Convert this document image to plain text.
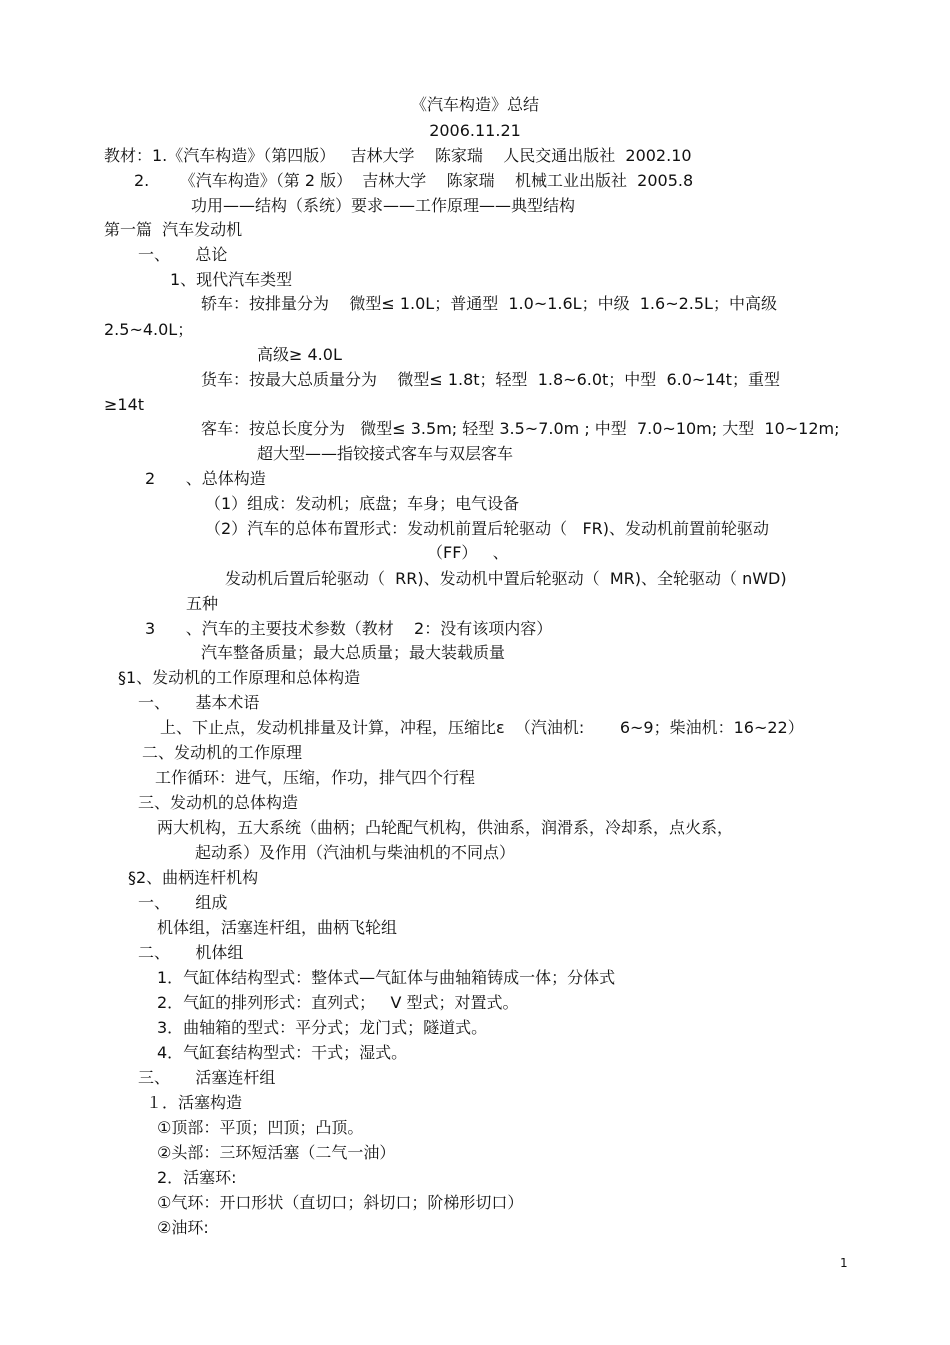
《汽车构造》总结
2006.11.21
教材：1.《汽车构造》（第四版）   吉林大学    陈家瑞    人民交通出版社  2002.10
2.      《汽车构造》（第 2 版）  吉林大学    陈家瑞    机械工业出版社  2005.8
功用——结构（系统）要求——工作原理——典型结构
第一篇  汽车发动机
一、     总论
1、现代汽车类型
轿车：按排量分为    微型≤ 1.0L；普通型  1.0~1.6L；中级  1.6~2.5L；中高级
2.5~4.0L；
高级≥ 4.0L
货车：按最大总质量分为    微型≤ 1.8t；轻型  1.8~6.0t；中型  6.0~14t；重型
≥14t
客车：按总长度分为   微型≤ 3.5m; 轻型 3.5~7.0m ; 中型  7.0~10m; 大型  10~12m;
超大型——指铰接式客车与双层客车
2      、总体构造
（1）组成：发动机；底盘；车身；电气设备
（2）汽车的总体布置形式：发动机前置后轮驱动（   FR)、发动机前置前轮驱动
（FF）   、
发动机后置后轮驱动（  RR)、发动机中置后轮驱动（  MR)、全轮驱动（ nWD)
五种
3      、汽车的主要技术参数（教材    2：没有该项内容）
汽车整备质量；最大总质量；最大装载质量
§1、发动机的工作原理和总体构造
一、     基本术语
上、下止点，发动机排量及计算，冲程，压缩比ε  （汽油机:       6~9；柴油机：16~22）
二、发动机的工作原理
工作循环：进气，压缩，作功，排气四个行程
三、发动机的总体构造
两大机构，五大系统（曲柄；凸轮配气机构，供油系，润滑系，冷却系，点火系，
起动系）及作用（汽油机与柴油机的不同点）
§2、曲柄连杆机构
一、     组成
机体组，活塞连杆组，曲柄飞轮组
二、     机体组
1．气缸体结构型式：整体式—气缸体与曲轴箱铸成一体；分体式
2．气缸的排列形式：直列式；   V 型式；对置式。
3．曲轴箱的型式：平分式；龙门式；隧道式。
4．气缸套结构型式：干式；湿式。
三、     活塞连杆组
１．活塞构造
①顶部：平顶；凹顶；凸顶。
②头部：三环短活塞（二气一油）
2．活塞环:
①气环：开口形状（直切口；斜切口；阶梯形切口）
②油环:
1
